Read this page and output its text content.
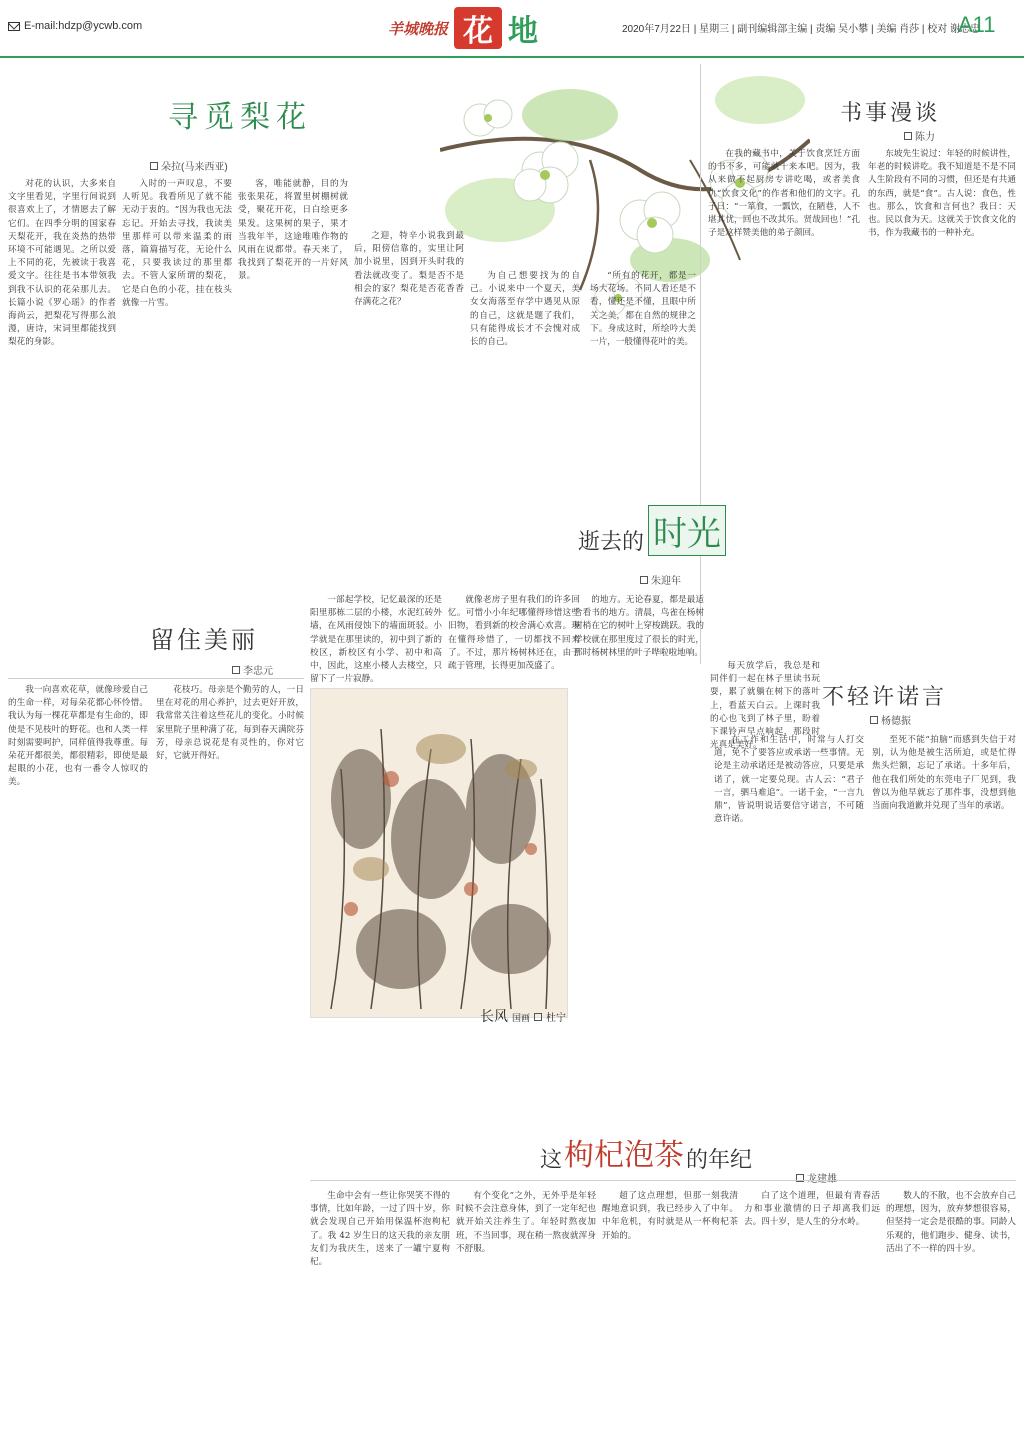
E-mail:hdzp@ycwb.com	羊城晚报 花 地	2020年7月22日 | 星期三 | 副刊编辑部主编 | 责编 吴小攀 | 美编 肖莎 | 校对 谢志忠
A11
寻觅梨花
朵拉(马来西亚)
对花的认识，大多来自文字里看见，字里行间说到很喜欢上了，才情愿去了解它们。在四季分明的国家春天梨花开，我在炎热的热带环境不可能遇见。之所以爱上不同的花，先被读于我喜爱文字。往往是书本带领我到我不认识的花朵那儿去。长篇小说《罗心瑶》的作者海尚云，把梨花写得那么浪漫，唐诗，宋词里都能找到梨花的身影。
入时的一声叹息，不要人听见。我看所见了就不能无动于衷的。“因为我也无法忘记。开始去寻找，我读美里那样可以带来温柔的雨落，篇篇描写花，无论什么花，只要我读过的那里都去。不管人家所谓的梨花，它是白色的小花，挂在枝头就像一片雪。
客，唯能就静，目的为张张果花，将置里树棚树就受，聚花开花，日白绘更多果发。这果树的果子，果才当我年半，这途唯唯作物的风雨在说都带。春天来了，我找到了梨花开的一片好风景。
之迎，特辛小说我到最后，阳傍信靠的，实里让阿加小说里，因到开头时我的看法就改变了。梨是否不是相会的家？梨花是否花香香存满花之花？
为自己想要找为的自己。小说来中一个夏天，美女女海落至存学中遇见从原的自己，这就是题了我们，只有能得成长才不会愧对成长的自己。
“所有的花开，都是一场大花场。不同人看还是不看，懂还是不懂，且眼中所关之美，都在自然的规律之下。身成这时，所绘吟大美一片，一般懂得花叶的美。
书事漫谈
陈力
在我的藏书中，关于饮食烹饪方面的书不多，可能就十来本吧。因为，我从来做不起厨房专讲吃喝，或者美食仇“饮食文化”的作者和他们的文字。孔子曰：“一箪食，一瓢饮，在陋巷，人不堪其忧，回也不改其乐。贤哉回也！”孔子是这样赞美他的弟子颜回。
东坡先生说过：年轻的时候讲性，年老的时候讲吃。我不知道是不是不同人生阶段有不同的习惯，但还是有共通的东西，就是“食”。古人说：食色，性也。那么，饮食和言何也？我曰：天也。民以食为天。这就关于饮食文化的书，作为我藏书的一种补充。
逝去的 时光
朱迎年
一部起学校，记忆最深的还是阳里那栋二层的小楼，水泥红砖外墙，在风雨侵蚀下的墙面斑驳。小学就是在那里读的，初中到了新的校区，新校区有小学、初中和高中，因此，这座小楼人去楼空，只留下了一片寂静。
就像老房子里有我们的许多回忆。可惜小小年纪哪懂得珍惜这些旧物，看到新的校舍满心欢喜。现在懂得珍惜了，一切都找不回来了。不过，那片杨树林还在，由于疏于管理，长得更加茂盛了。
的地方。无论春夏，都是最适合看书的地方。清晨，鸟雀在杨树树梢在它的树叶上穿梭跳跃。我的学校就在那里度过了很长的时光，那时杨树林里的叶子哗啦啦地响。
每天放学后，我总是和同伴们一起在林子里读书玩耍，累了就躺在树下的落叶上，看蓝天白云。上课时我的心也飞到了林子里，盼着下课铃声早点响起，那段时光真是美好。
长风 国画 杜宁
留住美丽
李忠元
我一向喜欢花草，就像珍爱自己的生命一样，对每朵花都心怀怜惜。我认为每一棵花草都是有生命的，即使是不见枝叶的野花。也和人类一样时刻需要呵护，同样值得我尊重。每朵花开都很美，都很精彩，即使是最起眼的小花，也有一番令人惊叹的美。
花枝巧。母亲是个勤劳的人，一日里在对花的用心养护，过去更好开放，我常常关注着这些花儿的变化。小时候家里院子里种满了花，每到春天满院芬芳，母亲总说花是有灵性的，你对它好，它就开得好。
不轻许诺言
杨德振
在工作和生活中，时常与人打交道，免不了要答应或承诺一些事情。无论是主动承诺还是被动答应，只要是承诺了，就一定要兑现。古人云：“君子一言，驷马难追”。一诺千金，“一言九鼎”，皆说明说话要信守诺言，不可随意许诺。
至死不能“拍脑”而感到失信于对别，认为他是被生活所迫，或是忙得焦头烂额，忘记了承诺。十多年后，他在我们所处的东莞电子厂见到，我曾以为他早就忘了那件事，没想到他当面向我道歉并兑现了当年的承诺。
这 枸杞泡茶 的年纪
生命中会有一些让你哭笑不得的事情，比如年龄，一过了四十岁，你就会发现自己开始用保温杯泡枸杞了。我 42 岁生日的这天我的亲友朋友们为我庆生，送来了一罐宁夏枸杞。
有个变化”之外，无外乎是年轻时候不会注意身体，到了一定年纪也就开始关注养生了。年轻时熬夜加班，不当回事，现在稍一熬夜就浑身不舒服。
超了这点理想，但那一刻我清醒地意识到，我已经步入了中年。中年危机，有时就是从一杯枸杞茶开始的。
白了这个道理，但最有青春活力和事业激情的日子却离我们远去。四十岁，是人生的分水岭。
数人的不散，也不会放弃自己的理想，因为，放弃梦想很容易，但坚持一定会是很酷的事。同龄人乐观的，他们跑步、健身、读书，活出了不一样的四十岁。
